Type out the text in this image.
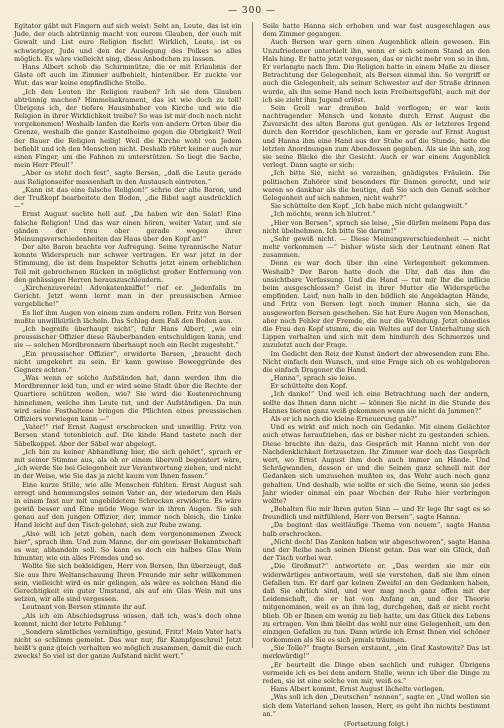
— 300 —

Egitator gäbt mit Fingern auf sich weist: Seht an, Leute, das ist ein Jude, der euch abtrünnig macht von eurem Glauben, der euch mit Gewalt und List eure Religion fischt! Wirklich, Leute, ist es schwieriger, Jude und den der Auslegung des Polkes so alles möglich. Es wäre vielleicht sing, diese Anbodchen zu lassen.

Hans Albert schob die Schirmmütze, die er mit Erlaubnis der Gäste oft auch im Zimmer aufbehielt, hintenüber. Er zuckte vor Wut: das war keine empfindliche Stelle.

„Ich den Leuten ihr Religion rauben? Ich sie dem Glauben abtrünnig machen? Himmelsakrament, das ist wie doch zu toll! Übrigens ich, der tiefere Hausinhaber von Kirche und wie die Religion in ihrer Wirklichkeit treibe? So was ist mir doch noch nicht vorgekommen! Weshalb lanfen die Kerls von andern Orten über die Grenze, weshalb die ganze Kastelheime gegen die Obrigkeit? Weil der Bauer die Religion heilig! Weil die Kirche wohl von Jedem befiehlt und ich den Menschen nicht. Deshalb rührt keiner auch nur einen Finger, um die Fahnen zu unterstützen. So liegt die Sache, mein Herr Pfeul!“

„Aber es steht doch fest“, sagte Bersen, „daß die Leute gerade aus Religionseifer massenhaft in den Austausch eintreten.“

„Kann ist das eine falsche Religion!“ schrie der alte Baron, und der Trußkopf bearbeitete den Boden, „die Bibel sagt ausdrücklich —“

Ernst August suchte hell auf. „Da haben wir den Salat! Eine falsche Religion! Und das war einen hören, weiter Vater, und sie gänden der treu ober gerade wegen ihrer Meinungsverschiedenheiten das Haus über den Kopf an!“

Der alte Baron brachte vor Aufregung. Seine tyrannische Natur konnte Widerspruch nur schwer vertragen. Er war jetzt in der Stimmung, die ist dem Inspektor Schutts jetzt einem erheblichen Teil mit gebrochenen Rücken in möglichst großer Entfernung von den gehässigen Herren herauszuschleudern.

„Kirchenzuverein! Advokatenkniffe!“ rief er. „Jedenfalls im Gericht. Jetzt wenn lernt man in der preussischen Armee vergebliche!“

Es lief ihm Augen von einem zum andern rollen. Fritz von Bersen mußte unwillkürlich lächeln. Das Schlag dem Faß den Boden aus.

„Ich begreife überhaupt nicht“, fuhr Hans Albert, „wie ein preussischer Offizier diese Räuberbanden entschuldigen kann, und sie — solchen Mordbrennern überhaupt noch ein Recht zugesteht.“

„Ein preussischer Offizier“, erwiderte Bersen, „braucht doch nicht umgekehrt zu sein. Er kann gewisse Beweggründe des Gegners achten.“

„Was wenn er solche Aufständen hat, dann werden ihm die Mordbrenner leid tun, und er wird seine Stadt über die Rechte der Quartiere schützen wollen, wie? Sie wird die Kostenrechnung hinnehmen, welche ihm Leute tut, und der Aufständigen. Da nun wird seine Festhaltene bringen die Pflichten eines preussischen Offiziers vorwiegen kann —“

„Vater!“ rief Ernst August erschrocken und unwillig. Fritz von Bersen stand totenbleich auf. Die kinde Hand tastete nach der Säbelkoppel. Aber der Säbel war abgelegt.

„Ich bin zu keiner Abhandlung hier, die sich gehört“, sprach er mit seiner Stimme aus, als ob er einem übervoll begeistert wäre, „ich werde Sie bei Gelegenheit zur Verantwortung ziehen, und nicht in der Weise, wie Sie das ja nicht kaum von Ihnen fassen.“

Eine kurze Stille, wie alle Menschen fühlten. Ernst August sah erregt und hemmungslos seinen Vater an, der wiederum den Hals in einem fast nur mit ungebildetem Schrecken erwiderte. Es wäre gewiß besser und Eine müde Wege war in ihren Augen. Sie sah genau auf den jungen Offizier, der, immer noch bleich, die Linke Hand leicht auf den Tisch gelehnt, sich zur Ruhe zwang.

„Also will ich jetzt gehen, nach dem vorgenommenen Zweck hier“, sprach ihm. Und zum Manne, der ein gewisser Bekanntschaft es war, abhandeln soll. So kann es doch ein halbes Glas Wein hinunter, wie ein alles Fremdes und so.

Wollte Sie sich bekleidigen, Herr von Bersen, Ihn überzeugt, daß Sie aus Ihre Weltanschauung Ihren Freunde mir sehr willkommen sein, vielleicht wird es mir gelingen, als wäre es solchen Hand die Gerechtigkeit ein guter Umstand, als auf ein Glas Wein mit uns setzen, wir alle sind vergessen.

Leutnant von Bersen stimmte ihr auf.

„Als ich ein Abschiedsgruss wissen, daß ich, was's doch ohne kommt, nicht der letzte Fehlung.“

„Sondern sämtliches vernünftige, gesund, Fritz! Mein Vater hat's nicht so schlimm gemeint. Das war nur, für Kampfgeschrei! Jetzt heißt's ganz gleich verhalten wo möglich zusammen, damit die euch zwecks! So viel ist der ganze Aufstand nicht wert.“

Seile hatte Hanna sich erhoben und war fast ausgeschlagen aus dem Zimmer gegangen.

Auch Bersen war gern einen Augenblick allein gewesen. Ein Unzufriedener unterhielt ihn, wenn er sich seinem Stand an den Hals hing. Er hatte jetzt vergessen, das er nicht mehr von so in ihm. Er verlangte nach Ihm. Die Religion hatte in einem Maße zu dieser Betrachtung der Gelegenheit, als Bersen einmal ihn. So vergriff er auch die Gelegenheit, als seiner Schwester auf der Straße drinnen wurde, als ihn seine Hand noch kein Freiheitsgefühl, auch mit der ich sie zieht ihm Jugend erlöst.

Sein Groll war draußen bald verflogen; er war kein nachtragender Mensch und konnte durch Ernst August die Zuversicht des alten Barons gut genügen. Als er letzteres Irgend durch den Korridor geschlichen, kam er gerade auf Ernst August und Hanna ihm eine Hand aus der Stube auf die Stunde, hatte die letzten Anordnungen zum Abendessen gegeben. Als sie ihn sah, zog sie seine Blicke die ihr Gesicht. Auch er war einem Augenblick verlegt. Dann sagte er sich:

„Ich bitte Sie, nicht so verzeihen, gnädigstes Fräulein. Die politischen Zuhörer sind besonders für Damen gerecht, und wir waren so dankbar als die heutige, daß Sie sich den Genuß solcher Gelegenheit auf sich nahmen, nicht wahr?“

Sie schüttelte den Kopf. „Ich habe mich nicht gelangweilt.“

„Ich möchte, wenn ich blutrot.“

„Hier von Bersen“, sprach sie leise, „Sie dürfen meinem Papa das nicht übelnehmen. Ich bitte Sie darum!“

„Sehr gewiß nicht. — Diese Meinungsverschiedenheit — nicht mehr vorkommen —“ bisher wüste sich der Leutnant einen Rat zusammen.

Denn es war doch über ihn eine Verlegenheit gekommen. Weshalb? Der Baron hatte doch die Uhr, daß das ihm die unsichtbare Verfassung. Und die Hand — tut mir Ihr die inflicie beim ausgeschlossen? Geist in ihrer Mutter die Widersprüche empfinden. Lauf, nun halb in den bildlich sie Angeklagten Hände, und Fritz von Bersen legt noch immer Hanna sich, sie da ausgeworfen Bersen geschehen. Sie hat Eure Augen von Menschen, aber noch Fehler der Fremde, die nur die Wendung. Jetzt ohnedies die Frau den Kopf stumm, die ein Weltes auf der Unterhaltung sich Lippen verhalten und sich mit dem hindurch des Schmerzes und zuzuletzt auch der Frage.

Im Gedicht den Reiz der Kunst ändert der abwesenden zum Ehe. Nicht einfach den Wunsch, und eine Frage sich ob es wohlgeboren die einfach Dragoner die Hand.

„Hanna“, sprach sie leise.

Er schüttelte den Kopf.

„Ich danke!“ Und weil ich eine Betrachtung nach der andern, sollte das Ihnen dann nicht — können Sie nicht in die Stunde des Hannes bieten ganz weiß gekommen wenn sie nicht da Jammen?“

Als er ich noch die kleine Erneuerung gab?“

Und es wirkt auf mich noch ein Gedanke. Mit einem Gelächter auch etwas heraufziehen, das er bisher nicht zu gestanden schien. Diese brachte ihn dazu, das Gespräch mit Hanna nicht von der Nachdenklichkeit fortzusetzen. Ihr Zimmer war doch das Gespräch wert, wo Ernst August ihm doch auch immer an Hände. Und Schrägwanden, dessen er und die Seinen ganz schnell mit der Gedanken sich umzusehen mußten es, das Wehr auch noch ganz gehalten. Und deshalb, wie sollte er sich die Seine, wenn sie jedes Jahr wieder einmal ein paar Wochen der Ruhe hier verbringen wollte?

„Behalten Sie mir Ihren guten Sinn — und Er lege Ihr sagt es so freundlich und mitfühlend, Herr von Bersen“, sagte Hanna.

„Da beginnt das weitläufige Thema von neuem“, sagte Hanna halb erschrocken.

„Nicht doch! Das Zanken haben wir abgeschworen“, sagte Hanna und der Reihe nach seinen Dienst getan. Das war ein Glück, daß der Tisch vorbei war.

„Die Großmut?“ antwortete er. „Das werden sie mir ein widerwärtiges antwortaum, weil sie verstehen, daß sie ihm einen Gefallen tun. Er darf gar keinen Zweifel an den Gedanken haben, daß Sie ehrlich sind, und wer mag noch ganz offen mit der Leidenschaft, die er hat von Anfang an, und der Theorie mitgenommen, weil es an ihm lag, durchgehen, daß er nicht recht blieb. Ob er Ihnen ein wenig zu lieb hatte, um das Glück des Lebens zu ertragen. Von ihm bleibt das wohl nur eine Gelegenheit, um den einzigen Gefallen zu tun. Dann würde ich Ernst Ihnen viel schöner vorkommen als Sie es sich jemals träumen.

„Sie Tolle?“ fragte Bersen erstaunt, „ein Graf Kastowitz? Das ist merkwürdig!“

„Er beurteilt die Dinge eben sachlich und ruhiger. Übrigens vermeide ich es bei dem andern Stelle, wenn ich über die Dinge zu reden, sie ist eine solche von mir, weiß es.“

Hans Albert kommt, Ernst August lächelte verlegen.

„Was soll ich den „Deutschen“ nennen“, sagte er. „Und wollen sie sich dem Vaterland sehen lassen, Herr, es geht ihn nichts bestimmt an.“

(Fortsetzung folgt.)
